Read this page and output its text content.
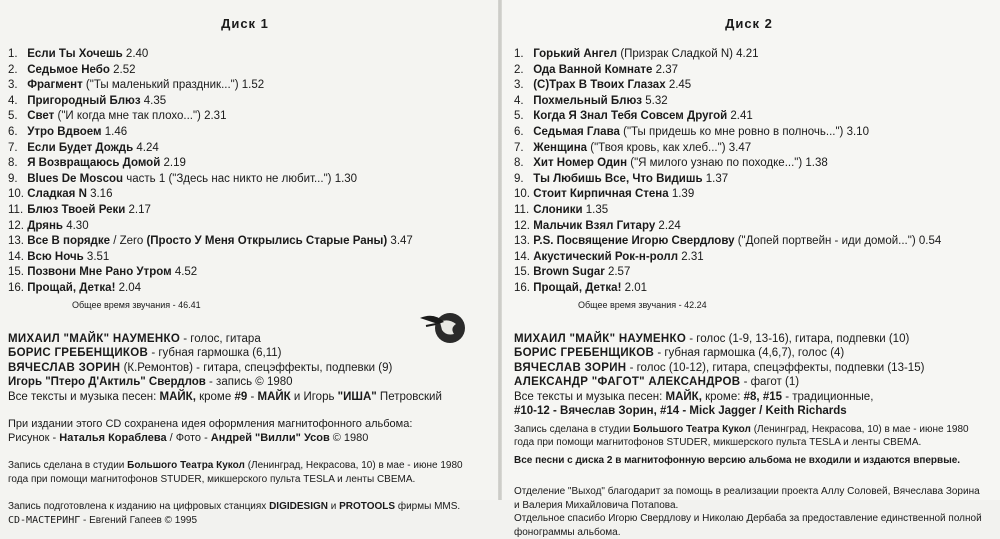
Диск 1
1. Если Ты Хочешь 2.40
2. Седьмое Небо 2.52
3. Фрагмент ("Ты маленький праздник...") 1.52
4. Пригородный Блюз 4.35
5. Свет ("И когда мне так плохо...") 2.31
6. Утро Вдвоем 1.46
7. Если Будет Дождь 4.24
8. Я Возвращаюсь Домой 2.19
9. Blues De Moscou часть 1 ("Здесь нас никто не любит...") 1.30
10. Сладкая N 3.16
11. Блюз Твоей Реки 2.17
12. Дрянь 4.30
13. Все В порядке / Zero (Просто У Меня Открылись Старые Раны) 3.47
14. Всю Ночь 3.51
15. Позвони Мне Рано Утром 4.52
16. Прощай, Детка! 2.04
Общее время звучания - 46.41
МИХАИЛ "МАЙК" НАУМЕНКО - голос, гитара
БОРИС ГРЕБЕНЩИКОВ - губная гармошка (6,11)
ВЯЧЕСЛАВ ЗОРИН (К.Ремонтов) - гитара, спецэффекты, подпевки (9)
Игорь "Птеро Д'Актиль" Свердлов - запись © 1980
Все тексты и музыка песен: МАЙК, кроме #9 - МАЙК и Игорь "ИША" Петровский
При издании этого CD сохранена идея оформления магнитофонного альбома:
Рисунок - Наталья Кораблева / Фото - Андрей "Вилли" Усов © 1980
Запись сделана в студии Большого Театра Кукол (Ленинград, Некрасова, 10) в мае - июне 1980 года при помощи магнитофонов STUDER, микшерского пульта TESLA и ленты СВЕМА.
Запись подготовлена к изданию на цифровых станциях DIGIDESIGN и PROTOOLS фирмы MMS.
CD-MACTEPИНГ - Евгений Гапеев © 1995
Диск 2
1. Горький Ангел (Призрак Сладкой N) 4.21
2. Ода Ванной Комнате 2.37
3. (С)Трах В Твоих Глазах 2.45
4. Похмельный Блюз 5.32
5. Когда Я Знал Тебя Совсем Другой 2.41
6. Седьмая Глава ("Ты придешь ко мне ровно в полночь...") 3.10
7. Женщина ("Твоя кровь, как хлеб...") 3.47
8. Хит Номер Один ("Я милого узнаю по походке...") 1.38
9. Ты Любишь Все, Что Видишь 1.37
10. Стоит Кирпичная Стена 1.39
11. Слоники 1.35
12. Мальчик Взял Гитару 2.24
13. P.S. Посвящение Игорю Свердлову ("Допей портвейн - иди домой...") 0.54
14. Акустический Рок-н-ролл 2.31
15. Brown Sugar 2.57
16. Прощай, Детка! 2.01
Общее время звучания - 42.24
МИХАИЛ "МАЙК" НАУМЕНКО - голос (1-9, 13-16), гитара, подпевки (10)
БОРИС ГРЕБЕНЩИКОВ - губная гармошка (4,6,7), голос (4)
ВЯЧЕСЛАВ ЗОРИН - голос (10-12), гитара, спецэффекты, подпевки (13-15)
АЛЕКСАНДР "ФАГОТ" АЛЕКСАНДРОВ - фагот (1)
Все тексты и музыка песен: МАЙК, кроме: #8, #15 - традиционные,
#10-12 - Вячеслав Зорин, #14 - Mick Jagger / Keith Richards
Запись сделана в студии Большого Театра Кукол (Ленинград, Некрасова, 10) в мае - июне 1980 года при помощи магнитофонов STUDER, микшерского пульта TESLA и ленты СВЕМА.
Все песни с диска 2 в магнитофонную версию альбома не входили и издаются впервые.
Отделение "Выход" благодарит за помощь в реализации проекта Аллу Соловей, Вячеслава Зорина и Валерия Михайловича Потапова.
Отдельное спасибо Игорю Свердлову и Николаю Дербаба за предоставление единственной полной фонограммы альбома.
